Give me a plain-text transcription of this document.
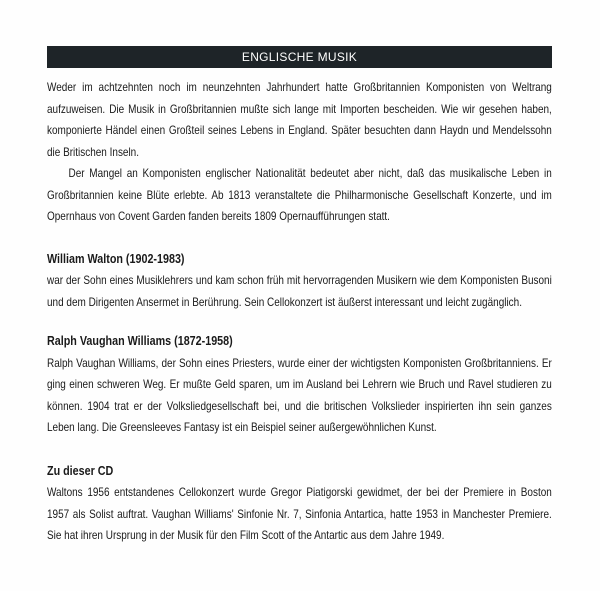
ENGLISCHE MUSIK

Weder im achtzehnten noch im neunzehnten Jahrhundert hatte Großbritannien Komponisten von Weltrang aufzuweisen. Die Musik in Großbritannien mußte sich lange mit Importen bescheiden. Wie wir gesehen haben, komponierte Händel einen Großteil seines Lebens in England. Später besuchten dann Haydn und Mendelssohn die Britischen Inseln.

Der Mangel an Komponisten englischer Nationalität bedeutet aber nicht, daß das musikalische Leben in Großbritannien keine Blüte erlebte. Ab 1813 veranstaltete die Philharmonische Gesellschaft Konzerte, und im Opernhaus von Covent Garden fanden bereits 1809 Opernaufführungen statt.

William Walton (1902-1983)

war der Sohn eines Musiklehrers und kam schon früh mit hervorragenden Musikern wie dem Komponisten Busoni und dem Dirigenten Ansermet in Berührung. Sein Cellokonzert ist äußerst interessant und leicht zugänglich.

Ralph Vaughan Williams (1872-1958)

Ralph Vaughan Williams, der Sohn eines Priesters, wurde einer der wichtigsten Komponisten Großbritanniens. Er ging einen schweren Weg. Er mußte Geld sparen, um im Ausland bei Lehrern wie Bruch und Ravel studieren zu können. 1904 trat er der Volksliedgesellschaft bei, und die britischen Volkslieder inspirierten ihn sein ganzes Leben lang. Die Greensleeves Fantasy ist ein Beispiel seiner außergewöhnlichen Kunst.

Zu dieser CD

Waltons 1956 entstandenes Cellokonzert wurde Gregor Piatigorski gewidmet, der bei der Premiere in Boston 1957 als Solist auftrat. Vaughan Williams' Sinfonie Nr. 7, Sinfonia Antartica, hatte 1953 in Manchester Premiere. Sie hat ihren Ursprung in der Musik für den Film Scott of the Antartic aus dem Jahre 1949.
